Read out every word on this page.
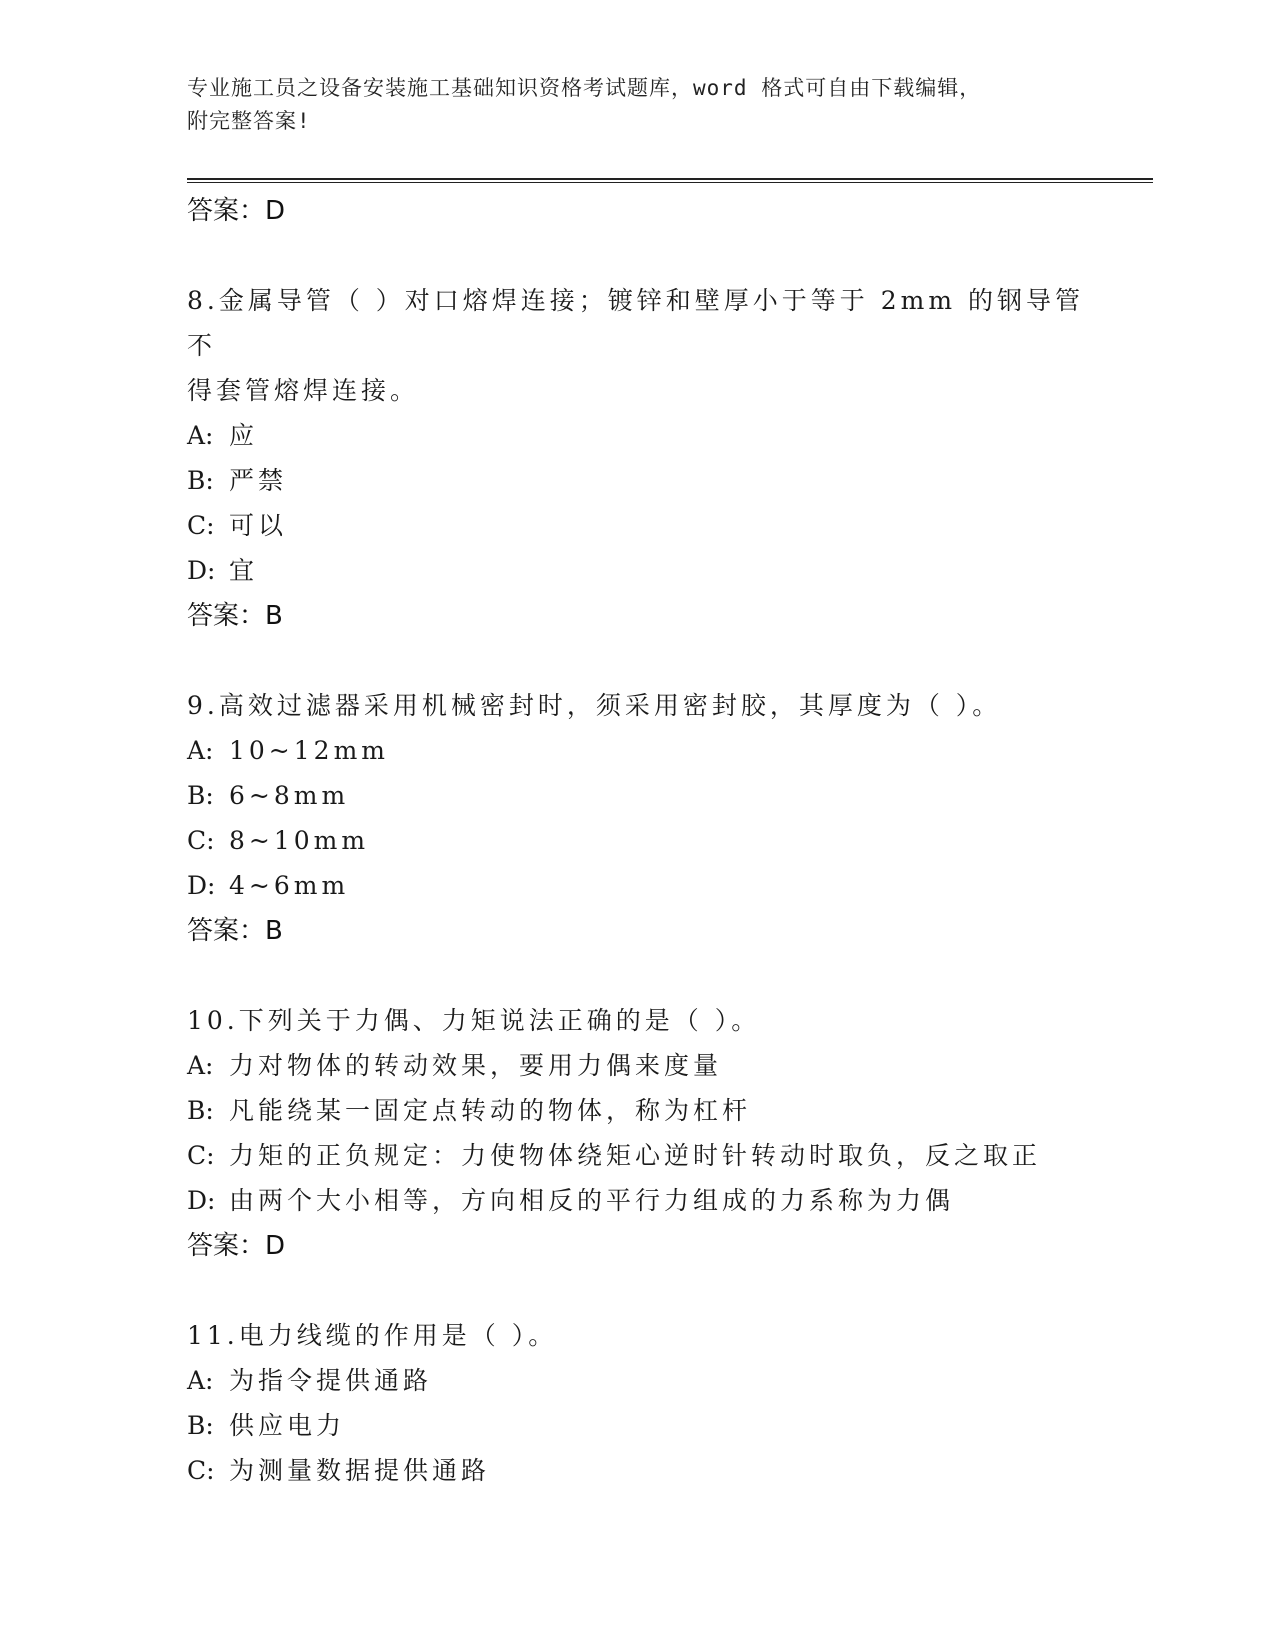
专业施工员之设备安装施工基础知识资格考试题库，word 格式可自由下载编辑，
附完整答案!
答案：D
8.金属导管（ ）对口熔焊连接；镀锌和壁厚小于等于 2mm 的钢导管不
得套管熔焊连接。
A: 应
B: 严禁
C: 可以
D: 宜
答案：B
9.高效过滤器采用机械密封时，须采用密封胶，其厚度为（ ）。
A: 10~12mm
B: 6~8mm
C: 8~10mm
D: 4~6mm
答案：B
10.下列关于力偶、力矩说法正确的是（ ）。
A: 力对物体的转动效果，要用力偶来度量
B: 凡能绕某一固定点转动的物体，称为杠杆
C: 力矩的正负规定：力使物体绕矩心逆时针转动时取负，反之取正
D: 由两个大小相等，方向相反的平行力组成的力系称为力偶
答案：D
11.电力线缆的作用是（ ）。
A: 为指令提供通路
B: 供应电力
C: 为测量数据提供通路
